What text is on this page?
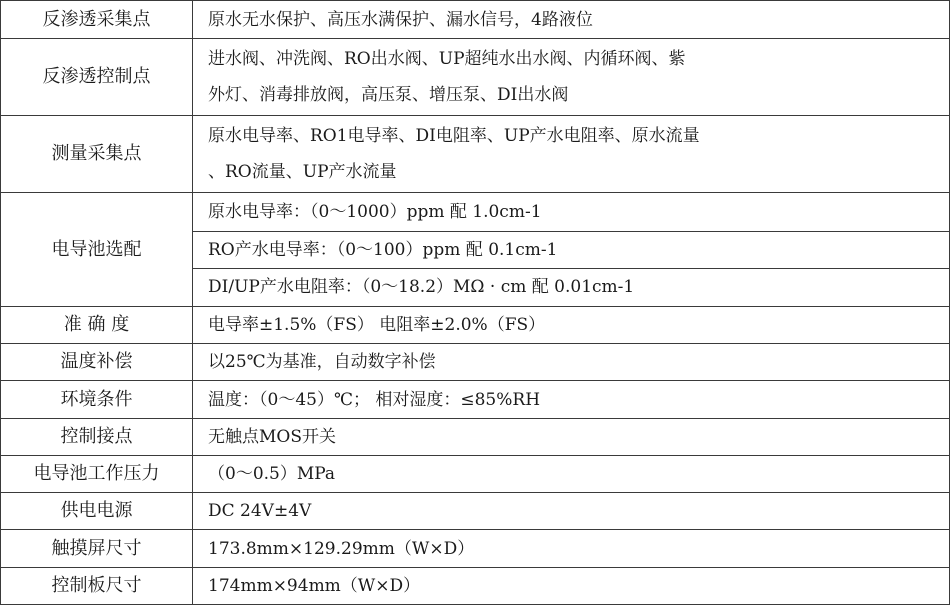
反渗透采集点	原水无水保护、高压水满保护、漏水信号，4路液位

反渗透控制点	进水阀、冲洗阀、RO出水阀、UP超纯水出水阀、内循环阀、紫
外灯、消毒排放阀，高压泵、增压泵、DI出水阀

测量采集点	原水电导率、RO1电导率、DI电阻率、UP产水电阻率、原水流量
、RO流量、UP产水流量

电导池选配	原水电导率：（0～1000）ppm 配 1.0cm-1

	RO产水电导率：（0～100）ppm 配 0.1cm-1

	DI/UP产水电阻率：（0～18.2）MΩ · cm 配 0.01cm-1

准 确 度	电导率±1.5%（FS） 电阻率±2.0%（FS）

温度补偿	以25℃为基准，自动数字补偿

环境条件	温度：（0～45）℃； 相对湿度：≤85%RH

控制接点	无触点MOS开关

电导池工作压力	（0～0.5）MPa

供电电源	DC 24V±4V

触摸屏尺寸	173.8mm×129.29mm（W×D）

控制板尺寸	174mm×94mm（W×D）
